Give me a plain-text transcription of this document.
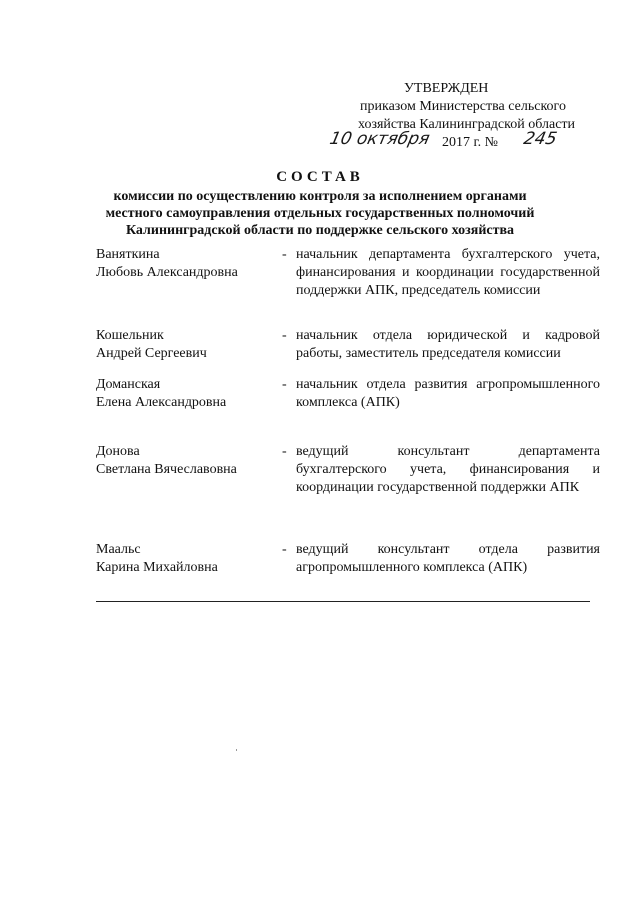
УТВЕРЖДЕН
приказом Министерства сельского
хозяйства Калининградской области
10 октября 2017 г. № 245
СОСТАВ
комиссии по осуществлению контроля за исполнением органами
местного самоуправления отдельных государственных полномочий
Калининградской области по поддержке сельского хозяйства
Ваняткина
Любовь Александровна
- начальник департамента бухгалтерского учета, финансирования и координации государственной поддержки АПК, председатель комиссии
Кошельник
Андрей Сергеевич
- начальник отдела юридической и кадровой работы, заместитель председателя комиссии
Доманская
Елена Александровна
- начальник отдела развития агропромышленного комплекса (АПК)
Донова
Светлана Вячеславовна
- ведущий консультант департамента бухгалтерского учета, финансирования и координации государственной поддержки АПК
Маальс
Карина Михайловна
- ведущий консультант отдела развития агропромышленного комплекса (АПК)
